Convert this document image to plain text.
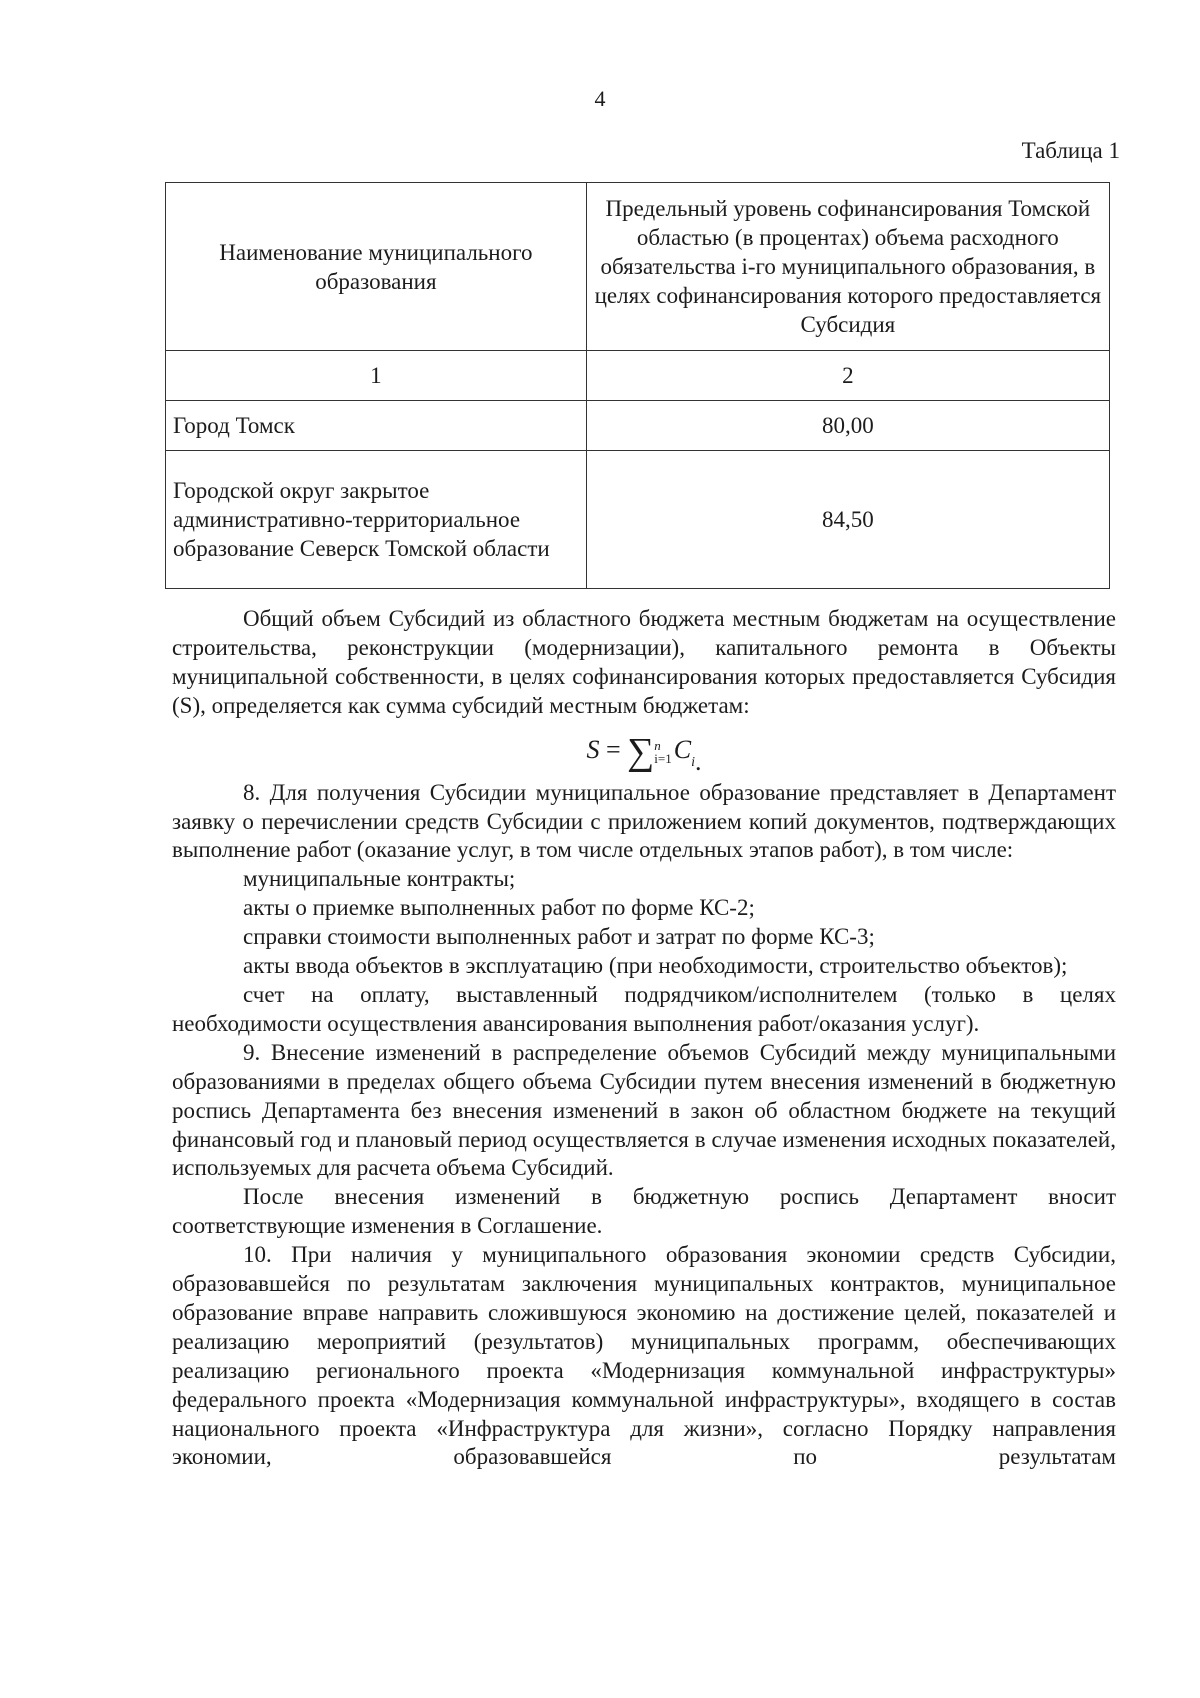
4
Таблица 1
Наименование муниципального образования	Предельный уровень софинансирования Томской областью (в процентах) объема расходного обязательства i-го муниципального образования, в целях софинансирования которого предоставляется Субсидия
1	2
Город Томск	80,00
Городской округ закрытое административно-территориальное образование Северск Томской области	84,50

Общий объем Субсидий из областного бюджета местным бюджетам на осуществление строительства, реконструкции (модернизации), капитального ремонта в Объекты муниципальной собственности, в целях софинансирования которых предоставляется Субсидия (S), определяется как сумма субсидий местным бюджетам:

S = ∑n
$i=1C_i$.

8. Для получения Субсидии муниципальное образование представляет в Департамент заявку о перечислении средств Субсидии с приложением копий документов, подтверждающих выполнение работ (оказание услуг, в том числе отдельных этапов работ), в том числе:

муниципальные контракты;

акты о приемке выполненных работ по форме КС-2;

справки стоимости выполненных работ и затрат по форме КС-3;

акты ввода объектов в эксплуатацию (при необходимости, строительство объектов);

счет на оплату, выставленный подрядчиком/исполнителем (только в целях необходимости осуществления авансирования выполнения работ/оказания услуг).

9. Внесение изменений в распределение объемов Субсидий между муниципальными образованиями в пределах общего объема Субсидии путем внесения изменений в бюджетную роспись Департамента без внесения изменений в закон об областном бюджете на текущий финансовый год и плановый период осуществляется в случае изменения исходных показателей, используемых для расчета объема Субсидий.

После внесения изменений в бюджетную роспись Департамент вносит соответствующие изменения в Соглашение.

10. При наличия у муниципального образования экономии средств Субсидии, образовавшейся по результатам заключения муниципальных контрактов, муниципальное образование вправе направить сложившуюся экономию на достижение целей, показателей и реализацию мероприятий (результатов) муниципальных программ, обеспечивающих реализацию регионального проекта «Модернизация коммунальной инфраструктуры» федерального проекта «Модернизация коммунальной инфраструктуры», входящего в состав национального проекта «Инфраструктура для жизни», согласно Порядку направления экономии, образовавшейся по результатам
